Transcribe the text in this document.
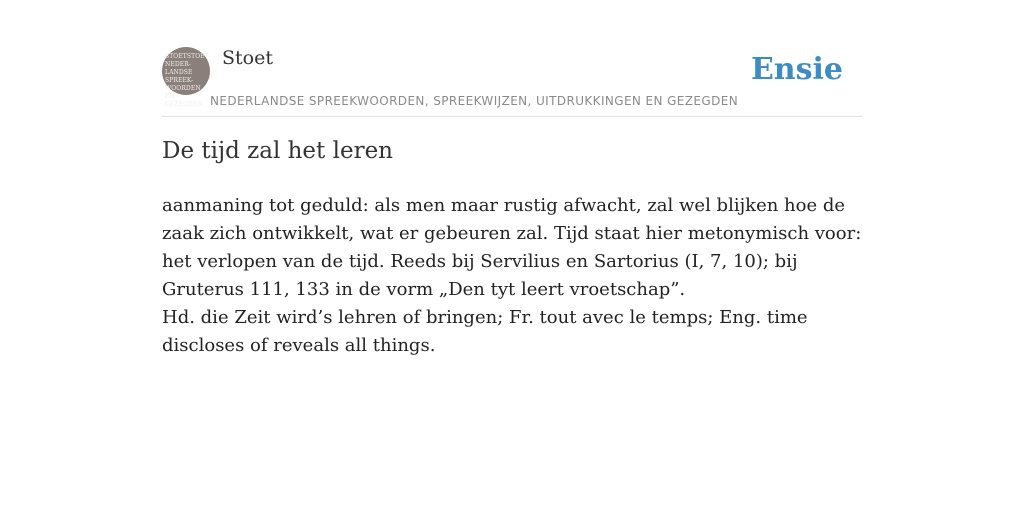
STOETSTOET
NEDER-
LANDSE
SPREEK-
WOORDEN EN
GEZEGDEN
Stoet
NEDERLANDSE SPREEKWOORDEN, SPREEKWIJZEN, UITDRUKKINGEN EN GEZEGDEN
Ensie
De tijd zal het leren

aanmaning tot geduld: als men maar rustig afwacht, zal wel blijken hoe de zaak zich ontwikkelt, wat er gebeuren zal. Tijd staat hier metonymisch voor: het verlopen van de tijd. Reeds bij Servilius en Sartorius (I, 7, 10); bij Gruterus 111, 133 in de vorm „Den tyt leert vroetschap”.

Hd. die Zeit wird’s lehren of bringen; Fr. tout avec le temps; Eng. time discloses of reveals all things.
